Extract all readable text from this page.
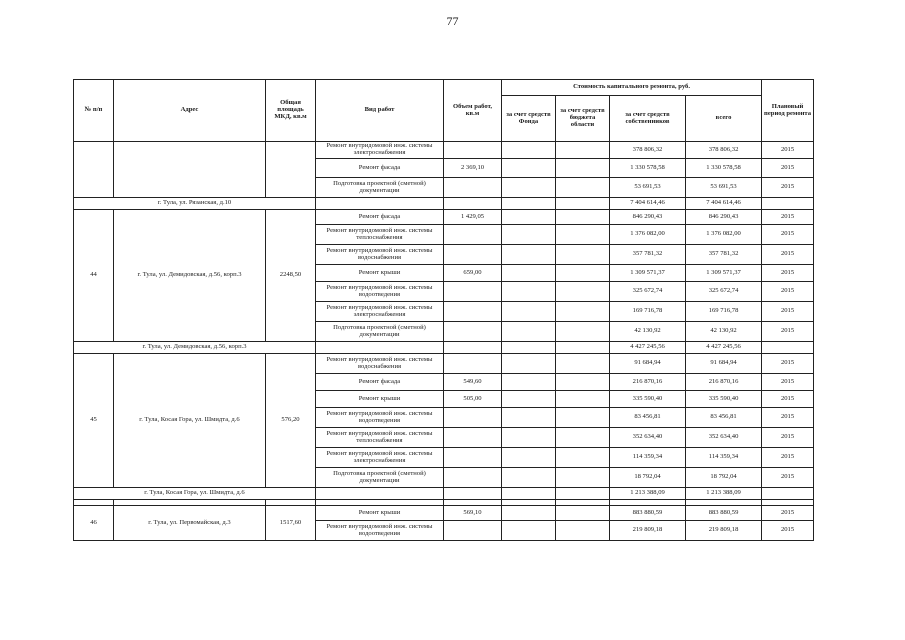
77
№ п/п	Адрес	Общая площадь МКД, кв.м	Вид работ	Объем работ, кв.м	Стоимость капитального ремонта, руб.				Плановый период ремонта
					за счет средств Фонда	за счет средств бюджета области	за счет средств собственников	всего	
			Ремонт внутридомовой инж. системы электроснабжения				378 806,32	378 806,32	2015
			Ремонт фасада	2 369,10			1 330 578,58	1 330 578,58	2015
			Подготовка проектной (сметной) документации				53 691,53	53 691,53	2015
г. Тула, ул. Рязанская, д.10							7 404 614,46	7 404 614,46	
44	г. Тула, ул. Демидовская, д.56, корп.3	2248,50	Ремонт фасада	1 429,05			846 290,43	846 290,43	2015
			Ремонт внутридомовой инж. системы теплоснабжения				1 376 082,00	1 376 082,00	2015
			Ремонт внутридомовой инж. системы водоснабжения				357 781,32	357 781,32	2015
			Ремонт крыши	659,00			1 309 571,37	1 309 571,37	2015
			Ремонт внутридомовой инж. системы водоотведения				325 672,74	325 672,74	2015
			Ремонт внутридомовой инж. системы электроснабжения				169 716,78	169 716,78	2015
			Подготовка проектной (сметной) документации				42 130,92	42 130,92	2015
г. Тула, ул. Демидовская, д.56, корп.3							4 427 245,56	4 427 245,56	
45	г. Тула, Косая Гора, ул. Шмидта, д.6	576,20	Ремонт внутридомовой инж. системы водоснабжения				91 684,94	91 684,94	2015
			Ремонт фасада	549,60			216 870,16	216 870,16	2015
			Ремонт крыши	505,00			335 590,40	335 590,40	2015
			Ремонт внутридомовой инж. системы водоотведения				83 456,81	83 456,81	2015
			Ремонт внутридомовой инж. системы теплоснабжения				352 634,40	352 634,40	2015
			Ремонт внутридомовой инж. системы электроснабжения				114 359,34	114 359,34	2015
			Подготовка проектной (сметной) документации				18 792,04	18 792,04	2015
г. Тула, Косая Гора, ул. Шмидта, д.6							1 213 388,09	1 213 388,09	

46	г. Тула, ул. Первомайская, д.3	1517,60	Ремонт крыши	569,10			883 880,59	883 880,59	2015
			Ремонт внутридомовой инж. системы водоотведения				219 809,18	219 809,18	2015
